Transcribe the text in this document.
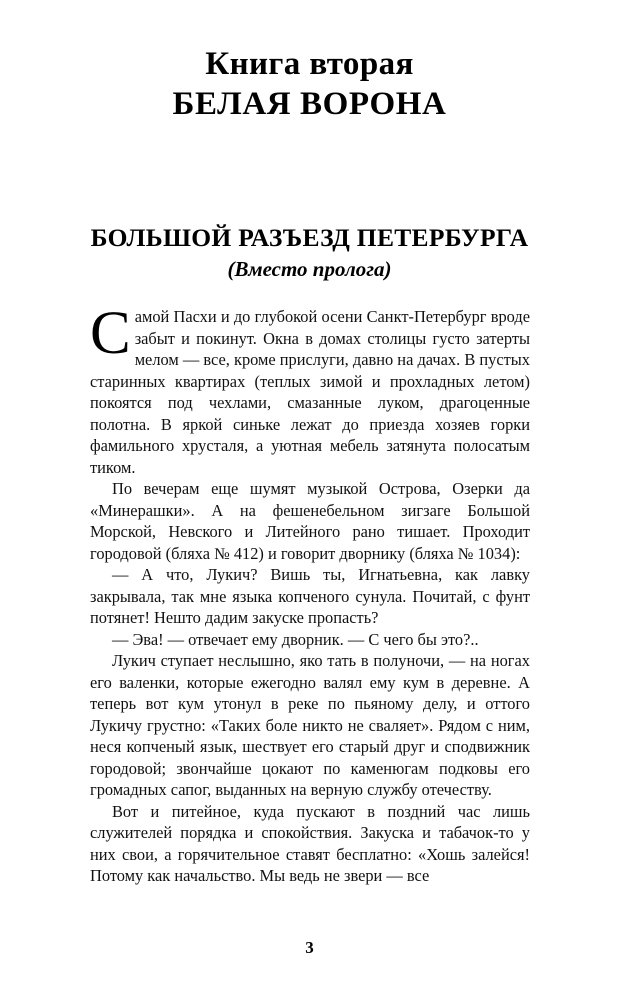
Книга вторая
БЕЛАЯ ВОРОНА
БОЛЬШОЙ РАЗЪЕЗД ПЕТЕРБУРГА
(Вместо пролога)

Самой Пасхи и до глубокой осени Санкт-Петербург вроде забыт и покинут. Окна в домах столицы густо затерты мелом — все, кроме прислуги, давно на дачах. В пустых старинных квартирах (теплых зимой и прохладных летом) покоятся под чехлами, смазанные луком, драгоценные полотна. В яркой синьке лежат до приезда хозяев горки фамильного хрусталя, а уютная мебель затянута полосатым тиком.

По вечерам еще шумят музыкой Острова, Озерки да «Минерашки». А на фешенебельном зигзаге Большой Морской, Невского и Литейного рано тишает. Проходит городовой (бляха № 412) и говорит дворнику (бляха № 1034):

— А что, Лукич? Вишь ты, Игнатьевна, как лавку закрывала, так мне языка копченого сунула. Почитай, с фунт потянет! Нешто дадим закуске пропасть?

— Эва! — отвечает ему дворник. — С чего бы это?..

Лукич ступает неслышно, яко тать в полуночи, — на ногах его валенки, которые ежегодно валял ему кум в деревне. А теперь вот кум утонул в реке по пьяному делу, и оттого Лукичу грустно: «Таких боле никто не сваляет». Рядом с ним, неся копченый язык, шествует его старый друг и сподвижник городовой; звончайше цокают по каменюгам подковы его громадных сапог, выданных на верную службу отечеству.

Вот и питейное, куда пускают в поздний час лишь служителей порядка и спокойствия. Закуска и табачок-то у них свои, а горячительное ставят бесплатно: «Хошь залейся! Потому как начальство. Мы ведь не звери — все

3
